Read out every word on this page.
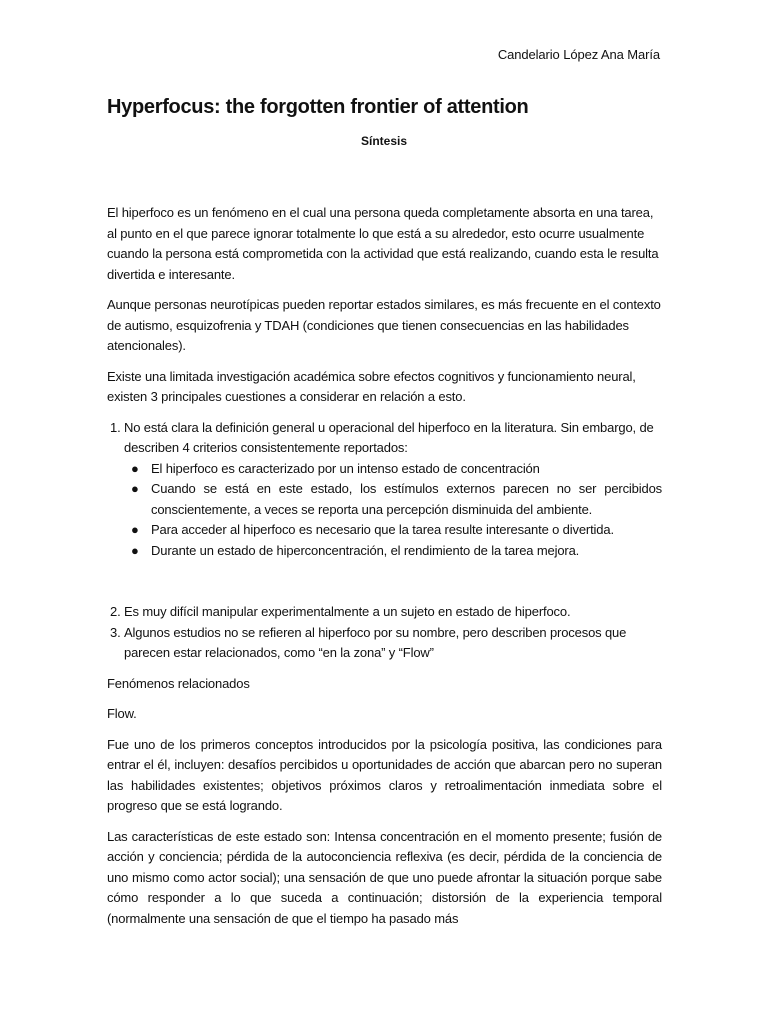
Candelario López Ana María
Hyperfocus: the forgotten frontier of attention
Síntesis

El hiperfoco es un fenómeno en el cual una persona queda completamente absorta en una tarea, al punto en el que parece ignorar totalmente lo que está a su alrededor, esto ocurre usualmente cuando la persona está comprometida con la actividad que está realizando, cuando esta le resulta divertida e interesante.

Aunque personas neurotípicas pueden reportar estados similares, es más frecuente en el contexto de autismo, esquizofrenia y TDAH (condiciones que tienen consecuencias en las habilidades atencionales).

Existe una limitada investigación académica sobre efectos cognitivos y funcionamiento neural, existen 3 principales cuestiones a considerar en relación a esto.

1. No está clara la definición general u operacional del hiperfoco en la literatura. Sin embargo, de describen 4 criterios consistentemente reportados:
● El hiperfoco es caracterizado por un intenso estado de concentración
● Cuando se está en este estado, los estímulos externos parecen no ser percibidos conscientemente, a veces se reporta una percepción disminuida del ambiente.
● Para acceder al hiperfoco es necesario que la tarea resulte interesante o divertida.
● Durante un estado de hiperconcentración, el rendimiento de la tarea mejora.
2. Es muy difícil manipular experimentalmente a un sujeto en estado de hiperfoco.
3. Algunos estudios no se refieren al hiperfoco por su nombre, pero describen procesos que parecen estar relacionados, como “en la zona” y “Flow”

Fenómenos relacionados

Flow.

Fue uno de los primeros conceptos introducidos por la psicología positiva, las condiciones para entrar el él, incluyen: desafíos percibidos u oportunidades de acción que abarcan pero no superan las habilidades existentes; objetivos próximos claros y retroalimentación inmediata sobre el progreso que se está logrando.

Las características de este estado son: Intensa concentración en el momento presente; fusión de acción y conciencia; pérdida de la autoconciencia reflexiva (es decir, pérdida de la conciencia de uno mismo como actor social); una sensación de que uno puede afrontar la situación porque sabe cómo responder a lo que suceda a continuación; distorsión de la experiencia temporal (normalmente una sensación de que el tiempo ha pasado más
